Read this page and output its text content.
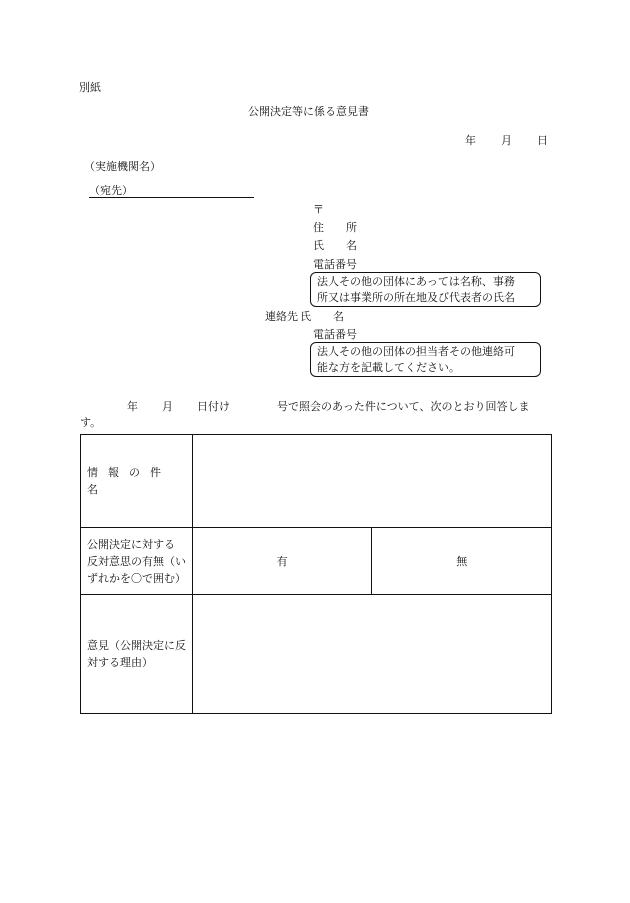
別紙
公開決定等に係る意見書
年 月 日
（実施機関名）
（宛先）
〒
住　　所
氏　　名
電話番号
法人その他の団体にあっては名称、事務
所又は事業所の所在地及び代表者の氏名
連絡先 氏　　名
電話番号
法人その他の団体の担当者その他連絡可
能な方を記載してください。
年 月 日付け	号で照会のあった件について、次のとおり回答しま
す。
情報の件名		

公開決定に対する
反対意思の有無（い
ずれかを〇で囲む）	有	無

意見（公開決定に反
対する理由）		
